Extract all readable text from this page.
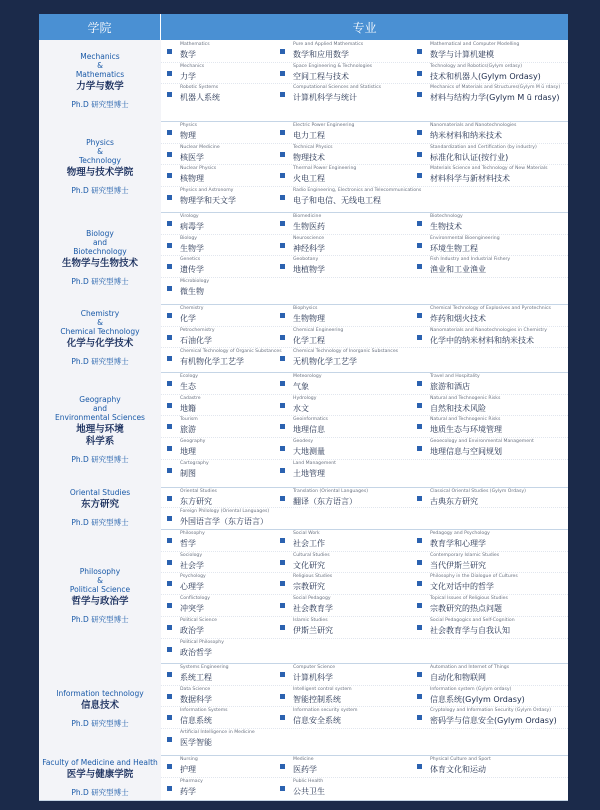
学院	专业
Mechanics
&
Mathematics
力学与数学
Ph.D 研究型博士
Mathematics
数学
Pure and Applied Mathematics
数学和应用数学
Mathematical and Computer Modelling
数学与计算机建模
Mechanics
力学
Space Engineering & Technologies
空间工程与技术
Technology and Robotics(Gylym ordasy)
技术和机器人(Gylym Ordasy)
Robotic Systems
机器人系统
Computational Sciences and Statistics
计算机科学与统计
Mechanics of Materials and Structures(Gylym M ū rdasy)
材料与结构力学(Gylym M ū rdasy)
Physics
&
Technology
物理与技术学院
Ph.D 研究型博士
Physics
物理
Electric Power Engineering
电力工程
Nanomaterials and Nanotechnologies
纳米材料和纳米技术
Nuclear Medicine
核医学
Technical Physics
物理技术
Standardization and Certification (by industry)
标准化和认证(按行业)
Nuclear Physics
核物理
Thermal Power Engineering
火电工程
Materials Science and Technology of New Materials
材料科学与新材料技术
Physics and Astronomy
物理学和天文学
Radio Engineering, Electronics and Telecommunications
电子和电信、无线电工程
Biology
and
Biotechnology
生物学与生物技术
Ph.D 研究型博士
Virology
病毒学
Biomedicine
生物医药
Biotechnology
生物技术
Biology
生物学
Neuroscience
神经科学
Environmental Bioengineering
环境生物工程
Genetics
遗传学
Geobotany
地植物学
Fish Industry and Industrial Fishery
渔业和工业渔业
Microbiology
微生物
Chemistry
&
Chemical Technology
化学与化学技术
Ph.D 研究型博士
Chemistry
化学
Biophysics
生物物理
Chemical Technology of Explosives and Pyrotechnics
炸药和烟火技术
Petrochemistry
石油化学
Chemical Engineering
化学工程
Nanomaterials and Nanotechnologies in Chemistry
化学中的纳米材料和纳米技术
Chemical Technology of Organic Substances
有机物化学工艺学
Chemical Technology of Inorganic Substances
无机物化学工艺学
Geography
and
Environmental Sciences
地理与环境
科学系
Ph.D 研究型博士
Ecology
生态
Meteorology
气象
Travel and Hospitality
旅游和酒店
Cadastre
地籍
Hydrology
水文
Natural and Technogenic Risks
自然和技术风险
Tourism
旅游
Geoinformatics
地理信息
Natural and Technogenic Risks
地质生态与环境管理
Geography
地理
Geodesy
大地测量
Geoecology and Environmental Management
地理信息与空间规划
Cartography
制图
Land Management
土地管理
Oriental Studies
东方研究
Ph.D 研究型博士
Oriental Studies
东方研究
Translation (Oriental Languages)
翻译（东方语言）
Classical Oriental Studies (Gylym Ordasy)
古典东方研究
Foreign Philology (Oriental Languages)
外国语言学（东方语言）
Philosophy
&
Political Science
哲学与政治学
Ph.D 研究型博士
Philosophy
哲学
Social Work
社会工作
Pedagogy and Psychology
教育学和心理学
Sociology
社会学
Cultural Studies
文化研究
Contemporary Islamic Studies
当代伊斯兰研究
Psychology
心理学
Religious Studies
宗教研究
Philosophy in the Dialogue of Cultures
文化对话中的哲学
Conflictology
冲突学
Social Pedagogy
社会教育学
Topical Issues of Religious Studies
宗教研究的热点问题
Political Science
政治学
Islamic Studies
伊斯兰研究
Social Pedagogics and Self-Cognition
社会教育学与自我认知
Political Philosophy
政治哲学
Information technology
信息技术
Ph.D 研究型博士
Systems Engineering
系统工程
Computer Science
计算机科学
Automation and Internet of Things
自动化和物联网
Data Science
数据科学
Intelligent control system
智能控制系统
Information system (Gylym ordasy)
信息系统(Gylym Ordasy)
Information Systems
信息系统
Information security system
信息安全系统
Cryptology and Information Security (Gylym Ordasy)
密码学与信息安全(Gylym Ordasy)
Artificial Intelligence in Medicine
医学智能
Faculty of Medicine and Health
医学与健康学院
Ph.D 研究型博士
Nursing
护理
Medicine
医药学
Physical Culture and Sport
体育文化和运动
Pharmacy
药学
Public Health
公共卫生
